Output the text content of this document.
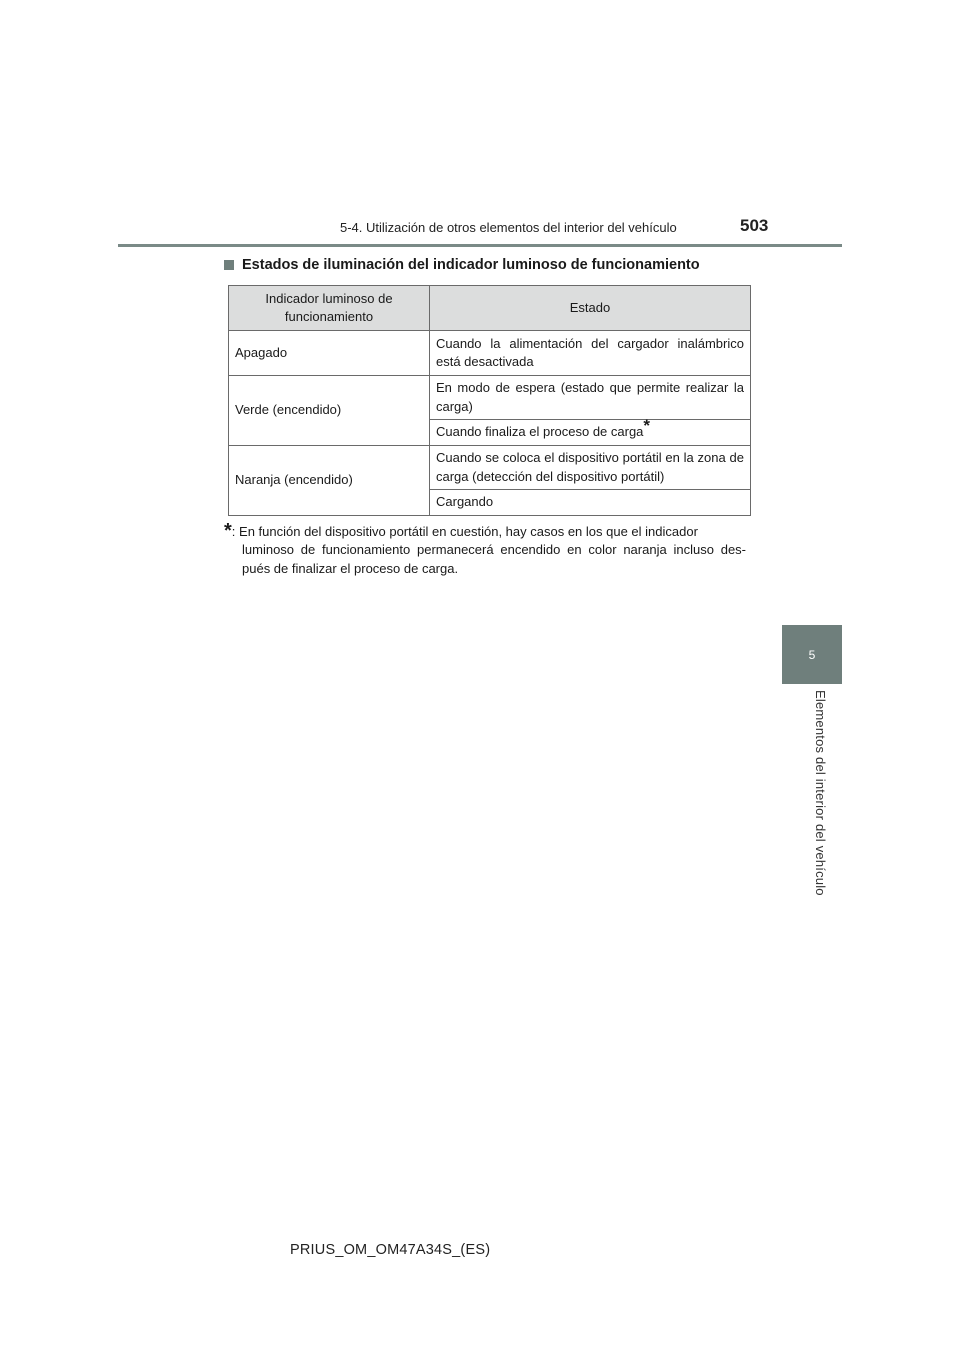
5-4. Utilización de otros elementos del interior del vehículo	503
5
Elementos del interior del vehículo
Estados de iluminación del indicador luminoso de funcionamiento
Indicador luminoso de funcionamiento	Estado
Apagado	Cuando la alimentación del cargador inalámbrico está desactivada
Verde (encendido)	En modo de espera (estado que permite realizar la carga)
	Cuando finaliza el proceso de carga*
Naranja (encendido)	Cuando se coloca el dispositivo portátil en la zona de carga (detección del dispositivo portátil)
	Cargando
*: En función del dispositivo portátil en cuestión, hay casos en los que el indicador
luminoso de funcionamiento permanecerá encendido en color naranja incluso des- pués de finalizar el proceso de carga.
PRIUS_OM_OM47A34S_(ES)
